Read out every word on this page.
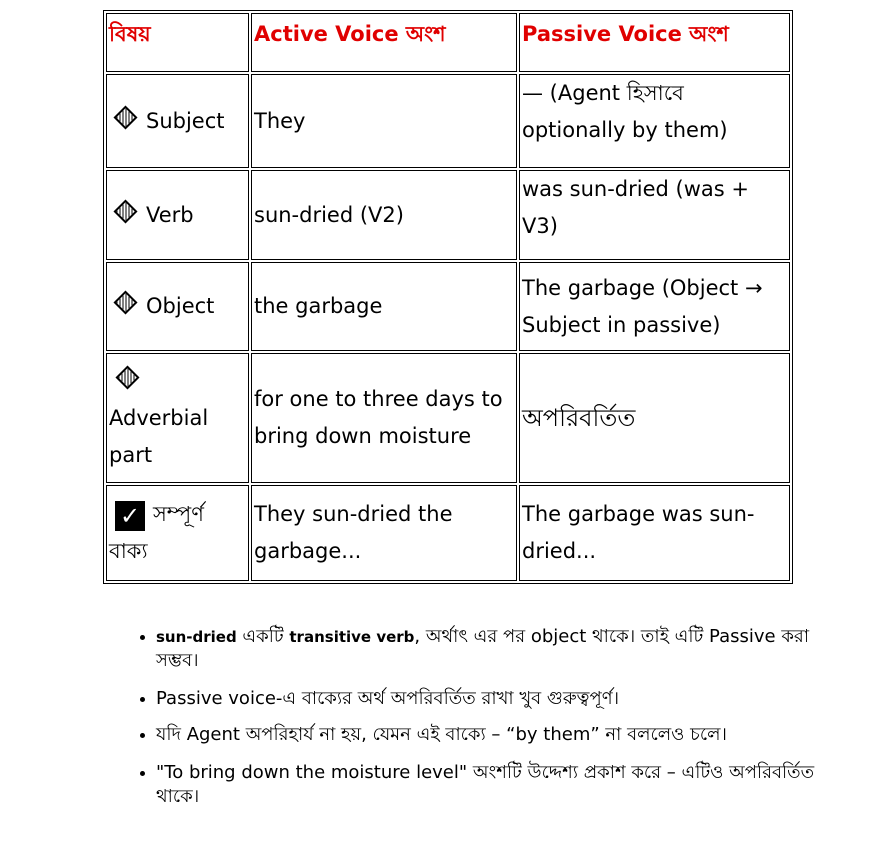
বিষয়	Active Voice অংশ	Passive Voice অংশ
Subject	They	— (Agent হিসাবে optionally by them)
Verb	sun-dried (V2)	was sun-dried (was + V3)
Object	the garbage	The garbage (Object → Subject in passive)

Adverbial part	for one to three days to bring down moisture	অপরিবর্তিত
✓ সম্পূর্ণ বাক্য	They sun-dried the garbage...	The garbage was sun-dried...
• sun-dried একটি transitive verb, অর্থাৎ এর পর object থাকে। তাই এটি Passive করা সম্ভব।
• Passive voice-এ বাক্যের অর্থ অপরিবর্তিত রাখা খুব গুরুত্বপূর্ণ।
• যদি Agent অপরিহার্য না হয়, যেমন এই বাক্যে – “by them” না বললেও চলে।
• "To bring down the moisture level" অংশটি উদ্দেশ্য প্রকাশ করে – এটিও অপরিবর্তিত থাকে।
